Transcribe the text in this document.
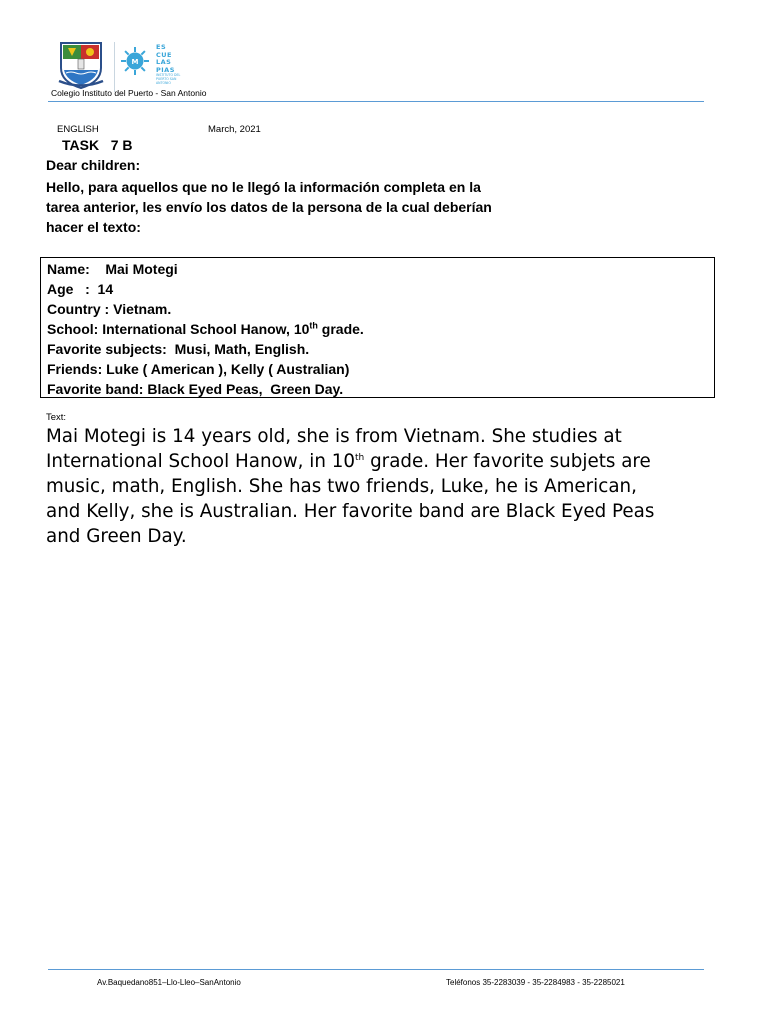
M
ES
CUE
LAS
PIAS
INSTITUTO DEL PUERTO SAN ANTONIO
Colegio Instituto del Puerto - San Antonio
ENGLISH	March, 2021
TASK   7 B
Dear children:
Hello, para aquellos que no le llegó la información completa en la
tarea anterior, les envío los datos de la persona de la cual deberían
hacer el texto:
Name:    Mai Motegi
Age   :  14
Country : Vietnam.
School: International School Hanow, 10th grade.
Favorite subjects:  Musi, Math, English.
Friends: Luke ( American ), Kelly ( Australian)
Favorite band: Black Eyed Peas,  Green Day.
Text:
Mai Motegi is 14 years old, she is from Vietnam. She studies at
International School Hanow, in 10th grade. Her favorite subjets are
music, math, English. She has two friends, Luke, he is American,
and Kelly, she is Australian. Her favorite band are Black Eyed Peas
and Green Day.
Av.Baquedano851–Llo-Lleo–SanAntonio	Teléfonos 35-2283039 - 35-2284983 - 35-2285021
